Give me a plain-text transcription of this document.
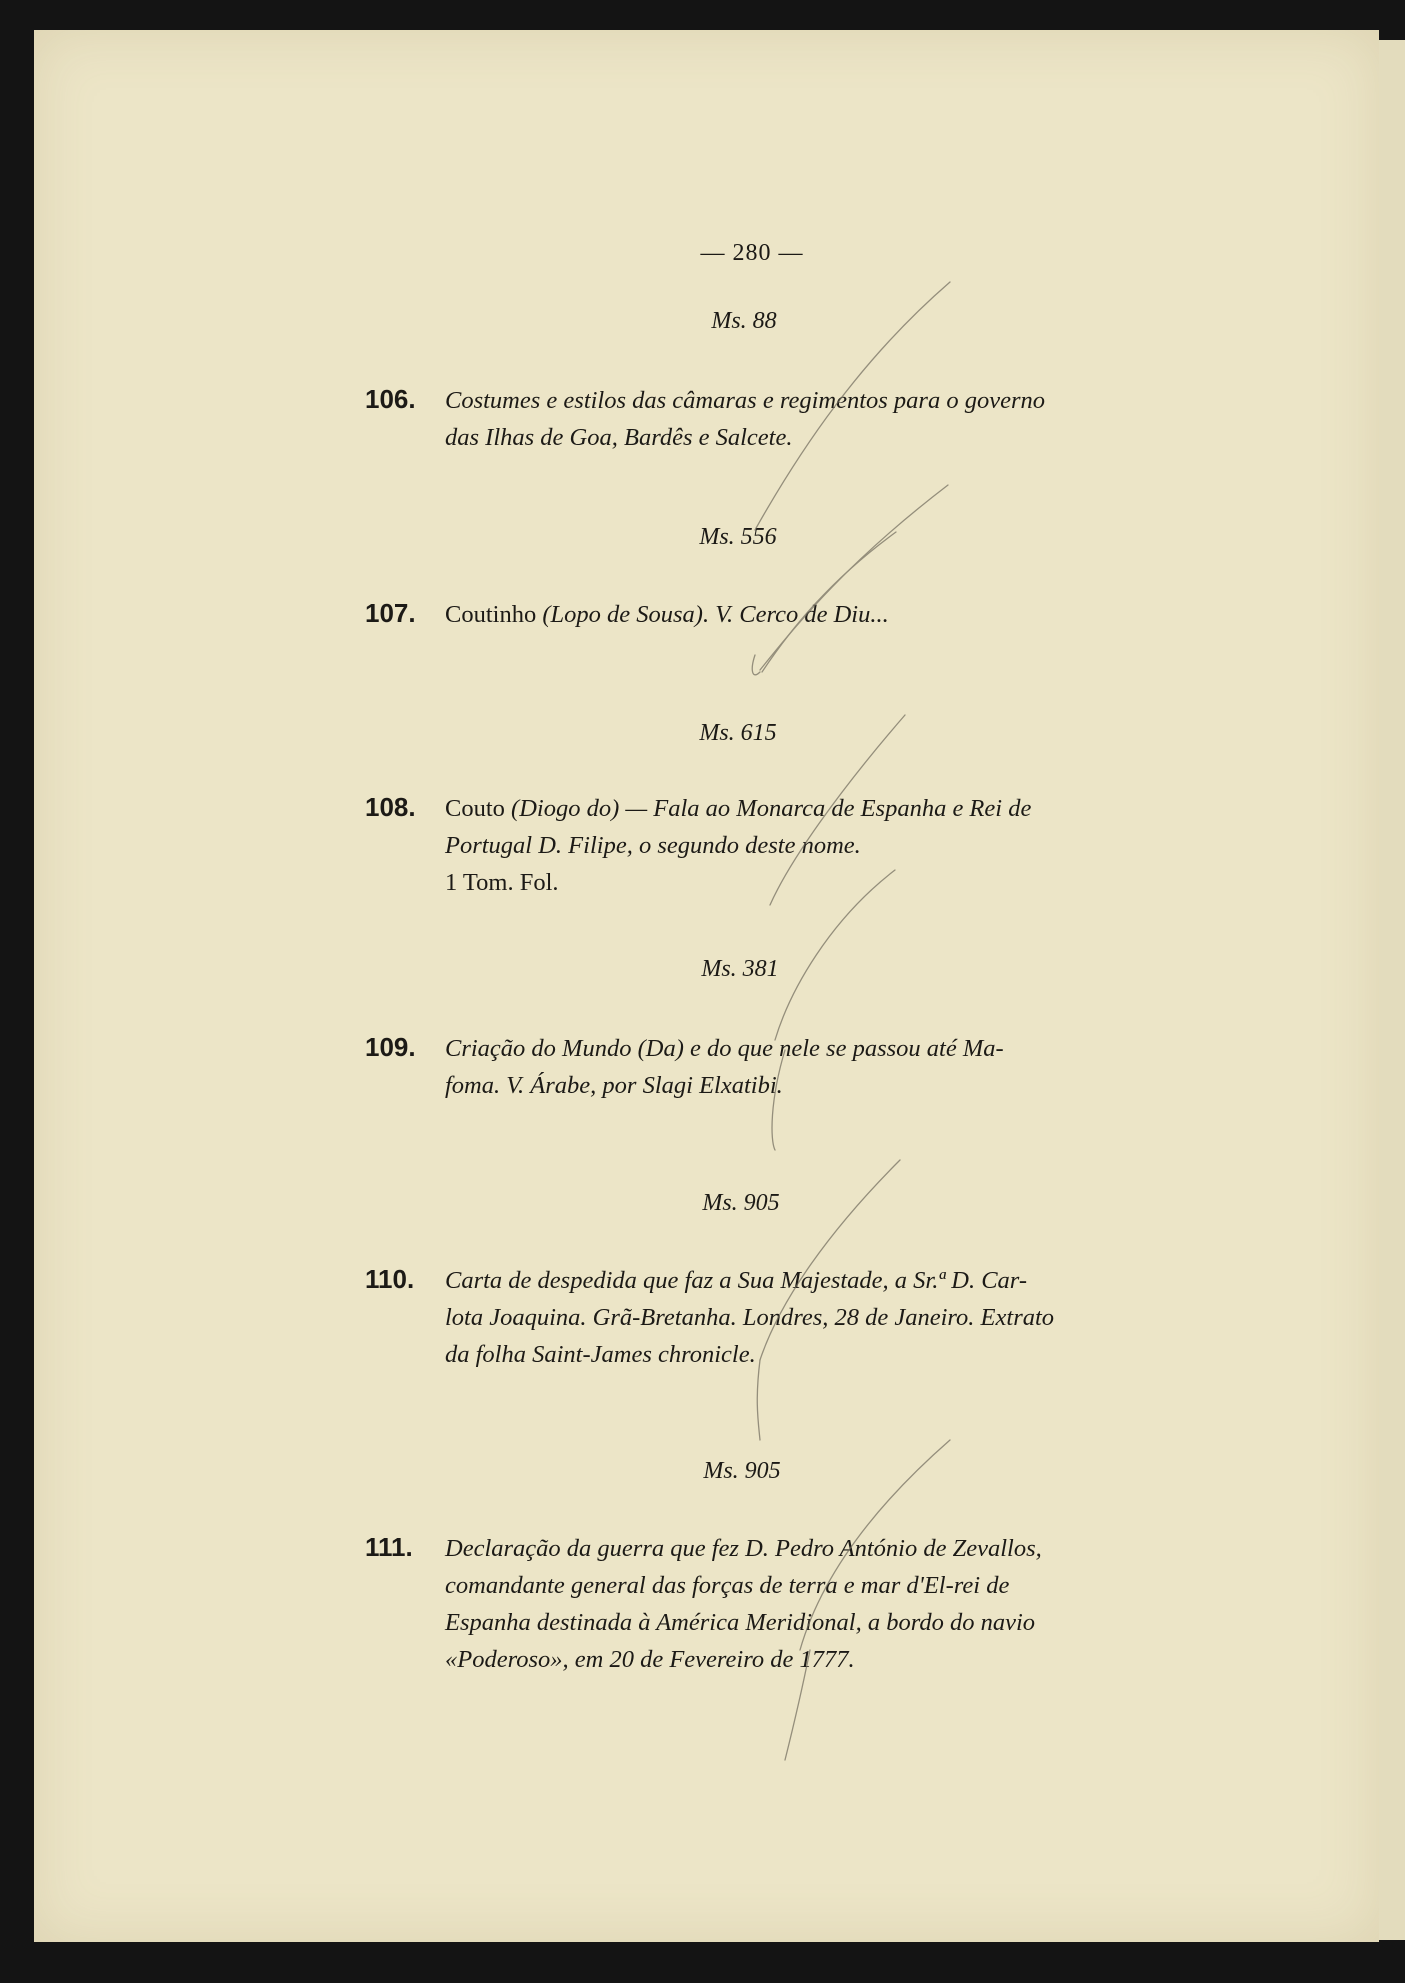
— 280 —
Ms. 88
106. Costumes e estilos das câmaras e regimentos para o governo
das Ilhas de Goa, Bardês e Salcete.
Ms. 556
107. Coutinho (Lopo de Sousa). V. Cerco de Diu...
Ms. 615
108. Couto (Diogo do) — Fala ao Monarca de Espanha e Rei de
Portugal D. Filipe, o segundo deste nome.
1 Tom. Fol.
Ms. 381
109. Criação do Mundo (Da) e do que nele se passou até Ma-
foma. V. Árabe, por Slagi Elxatibi.
Ms. 905
110. Carta de despedida que faz a Sua Majestade, a Sr.ª D. Car-
lota Joaquina. Grã-Bretanha. Londres, 28 de Janeiro. Extrato
da folha Saint-James chronicle.
Ms. 905
111. Declaração da guerra que fez D. Pedro António de Zevallos,
comandante general das forças de terra e mar d'El-rei de
Espanha destinada à América Meridional, a bordo do navio
«Poderoso», em 20 de Fevereiro de 1777.
